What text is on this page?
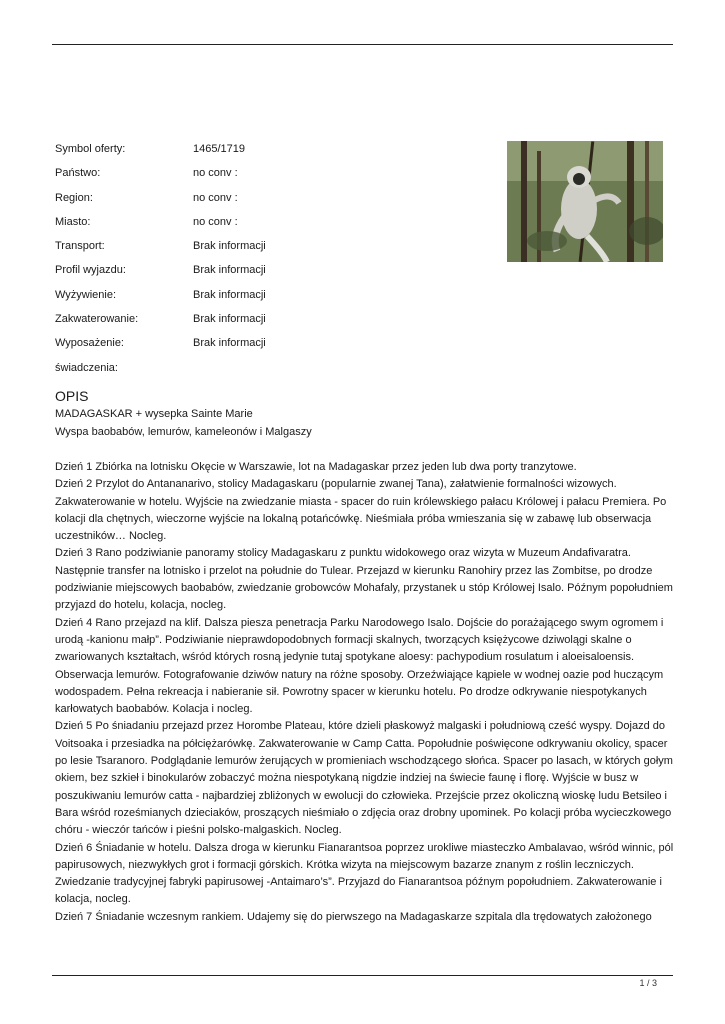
Symbol oferty:	1465/1719
Państwo:	no conv :
Region:	no conv :
Miasto:	no conv :
Transport:	Brak informacji
Profil wyjazdu:	Brak informacji
Wyżywienie:	Brak informacji
Zakwaterowanie:	Brak informacji
Wyposażenie:	Brak informacji
świadczenia:
OPIS
MADAGASKAR + wysepka Sainte Marie
Wyspa baobabów, lemurów, kameleonów i Malgaszy
Dzień 1 Zbiórka na lotnisku Okęcie w Warszawie, lot na Madagaskar przez jeden lub dwa porty tranzytowe.
Dzień 2 Przylot do Antananarivo, stolicy Madagaskaru (popularnie zwanej Tana), załatwienie formalności wizowych.
Zakwaterowanie w hotelu. Wyjście na zwiedzanie miasta - spacer do ruin królewskiego pałacu Królowej i pałacu Premiera. Po
kolacji dla chętnych, wieczorne wyjście na lokalną potańcówkę. Nieśmiała próba wmieszania się w zabawę lub obserwacja
uczestników… Nocleg.
Dzień 3 Rano podziwianie panoramy stolicy Madagaskaru z punktu widokowego oraz wizyta w Muzeum Andafivaratra.
Następnie transfer na lotnisko i przelot na południe do Tulear. Przejazd w kierunku Ranohiry przez las Zombitse, po drodze
podziwianie miejscowych baobabów, zwiedzanie grobowców Mohafaly, przystanek u stóp Królowej Isalo. Późnym popołudniem
przyjazd do hotelu, kolacja, nocleg.
Dzień 4 Rano przejazd na klif. Dalsza piesza penetracja Parku Narodowego Isalo. Dojście do porażającego swym ogromem i
urodą -kanionu małp”. Podziwianie nieprawdopodobnych formacji skalnych, tworzących księżycowe dziwolągi skalne o
zwariowanych kształtach, wśród których rosną jedynie tutaj spotykane aloesy: pachypodium rosulatum i aloeisaloensis.
Obserwacja lemurów. Fotografowanie dziwów natury na różne sposoby. Orzeźwiające kąpiele w wodnej oazie pod huczącym
wodospadem. Pełna rekreacja i nabieranie sił. Powrotny spacer w kierunku hotelu. Po drodze odkrywanie niespotykanych
karłowatych baobabów. Kolacja i nocleg.
Dzień 5 Po śniadaniu przejazd przez Horombe Plateau, które dzieli płaskowyż malgaski i południową cześć wyspy. Dojazd do
Voitsoaka i przesiadka na półciężarówkę. Zakwaterowanie w Camp Catta. Popołudnie poświęcone odkrywaniu okolicy, spacer
po lesie Tsaranoro. Podglądanie lemurów żerujących w promieniach wschodzącego słońca. Spacer po lasach, w których gołym
okiem, bez szkieł i binokularów zobaczyć można niespotykaną nigdzie indziej na świecie faunę i florę. Wyjście w busz w
poszukiwaniu lemurów catta - najbardziej zbliżonych w ewolucji do człowieka. Przejście przez okoliczną wioskę ludu Betsileo i
Bara wśród roześmianych dzieciaków, proszących nieśmiało o zdjęcia oraz drobny upominek. Po kolacji próba wycieczkowego
chóru - wieczór tańców i pieśni polsko-malgaskich. Nocleg.
Dzień 6 Śniadanie w hotelu. Dalsza droga w kierunku Fianarantsoa poprzez urokliwe miasteczko Ambalavao, wśród winnic, pól
papirusowych, niezwykłych grot i formacji górskich. Krótka wizyta na miejscowym bazarze znanym z roślin leczniczych.
Zwiedzanie tradycyjnej fabryki papirusowej -Antaimaro’s”. Przyjazd do Fianarantsoa późnym popołudniem. Zakwaterowanie i
kolacja, nocleg.
Dzień 7 Śniadanie wczesnym rankiem. Udajemy się do pierwszego na Madagaskarze szpitala dla trędowatych założonego
1 / 3
